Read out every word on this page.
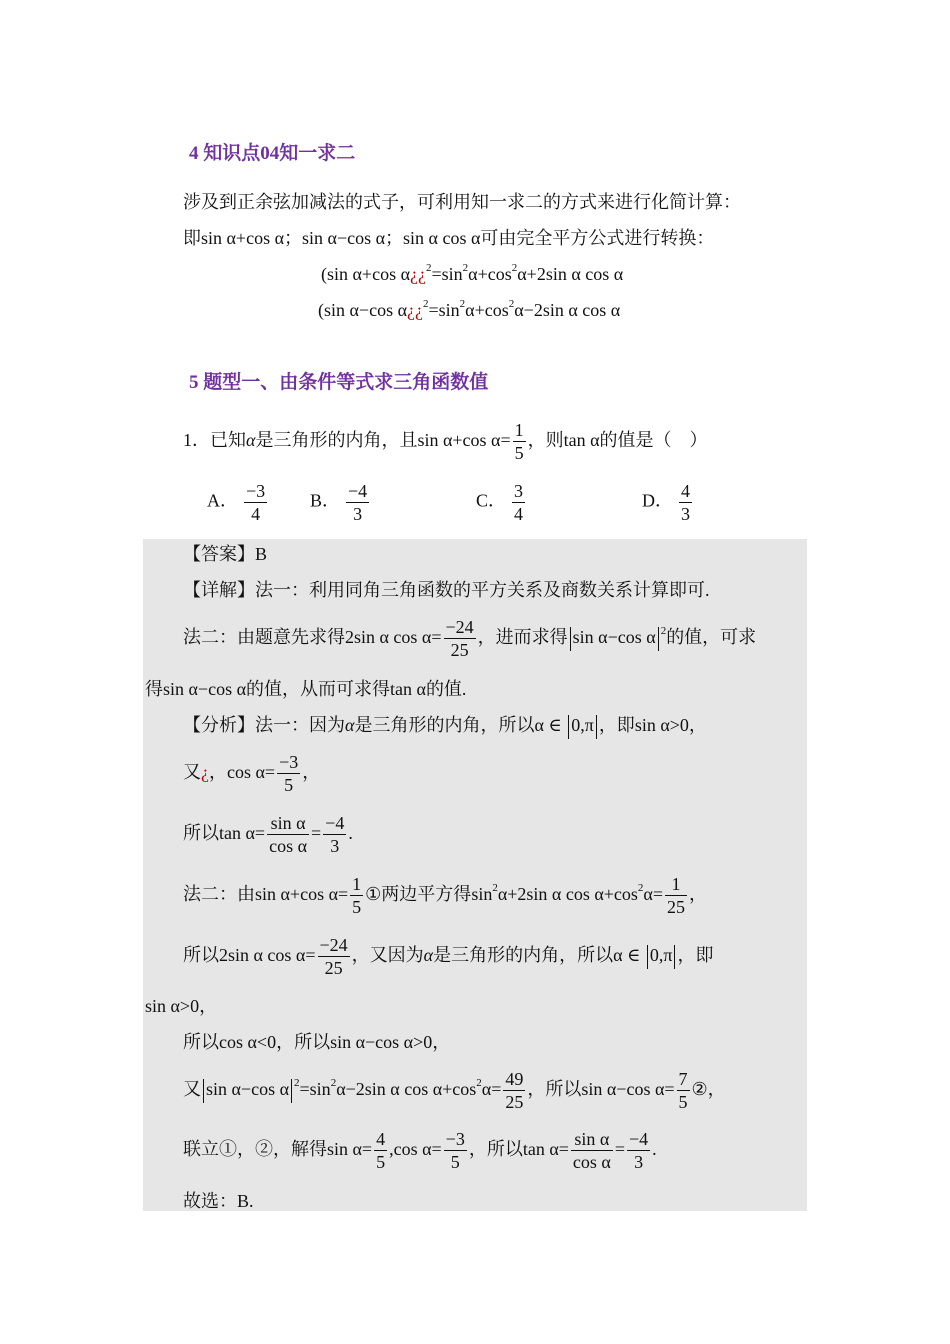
4 知识点04知一求二
涉及到正余弦加减法的式子，可利用知一求二的方式来进行化简计算：
即sin α+cos α；sin α−cos α；sin α cos α可由完全平方公式进行转换：
(sin α+cos $\alpha¿¿^2=\sin^2\alpha+\cos^2\alpha+2\sin$ α cos α
(sin α−cos $\alpha¿¿^2=\sin^2\alpha+\cos^2\alpha-2\sin$ α cos α
5 题型一、由条件等式求三角函数值
1．已知α是三角形的内角，且sin α+cos $\alpha= \frac{1}{5}$ ，则tan α的值是（　）
A． $\frac{-3}{4}$ B． $\frac{-4}{3}$	C． $\frac{3}{4}$	D． $\frac{4}{3}$
【答案】B
【详解】法一：利用同角三角函数的平方关系及商数关系计算即可.
法二：由题意先求得2sin α $\cos \alpha= \frac{-24}{25}$ ，进而求得 sin α−cos α $^2$的值，可求
得sin α−cos α的值，从而可求得tan α的值.
【分析】法一：因为α是三角形的内角，所以α ∈ 0,π ，即sin α>0，
又¿，$\cos \alpha= \frac{-3}{5}$ ，
所以$\tan \alpha= \frac{\text{sin α}}{\text{cos α}} = \frac{-4}{3}$ .
法二：由sin α+cos $\alpha= \frac{1}{5}$ ①两边平方得$\sin^2\alpha+2\sin$ α $\cos \alpha+\cos^2\alpha= \frac{1}{25}$ ，
所以2sin α $\cos \alpha= \frac{-24}{25}$ ，又因为α是三角形的内角，所以α ∈ 0,π ，即
sin α>0，
所以cos α<0，所以sin α−cos α>0，
又 sin α−cos α $^2=\sin^2\alpha-2\sin$ α $\cos \alpha+\cos^2\alpha= \frac{49}{25}$ ，所以sin α−cos $\alpha= \frac{7}{5}$ ②，
联立①，②，解得$\sin \alpha= \frac{4}{5} ,\cos$ $\alpha= \frac{-3}{5}$ ，所以$\tan \alpha= \frac{\text{sin α}}{\text{cos α}} = \frac{-4}{3}$ .
故选：B.
